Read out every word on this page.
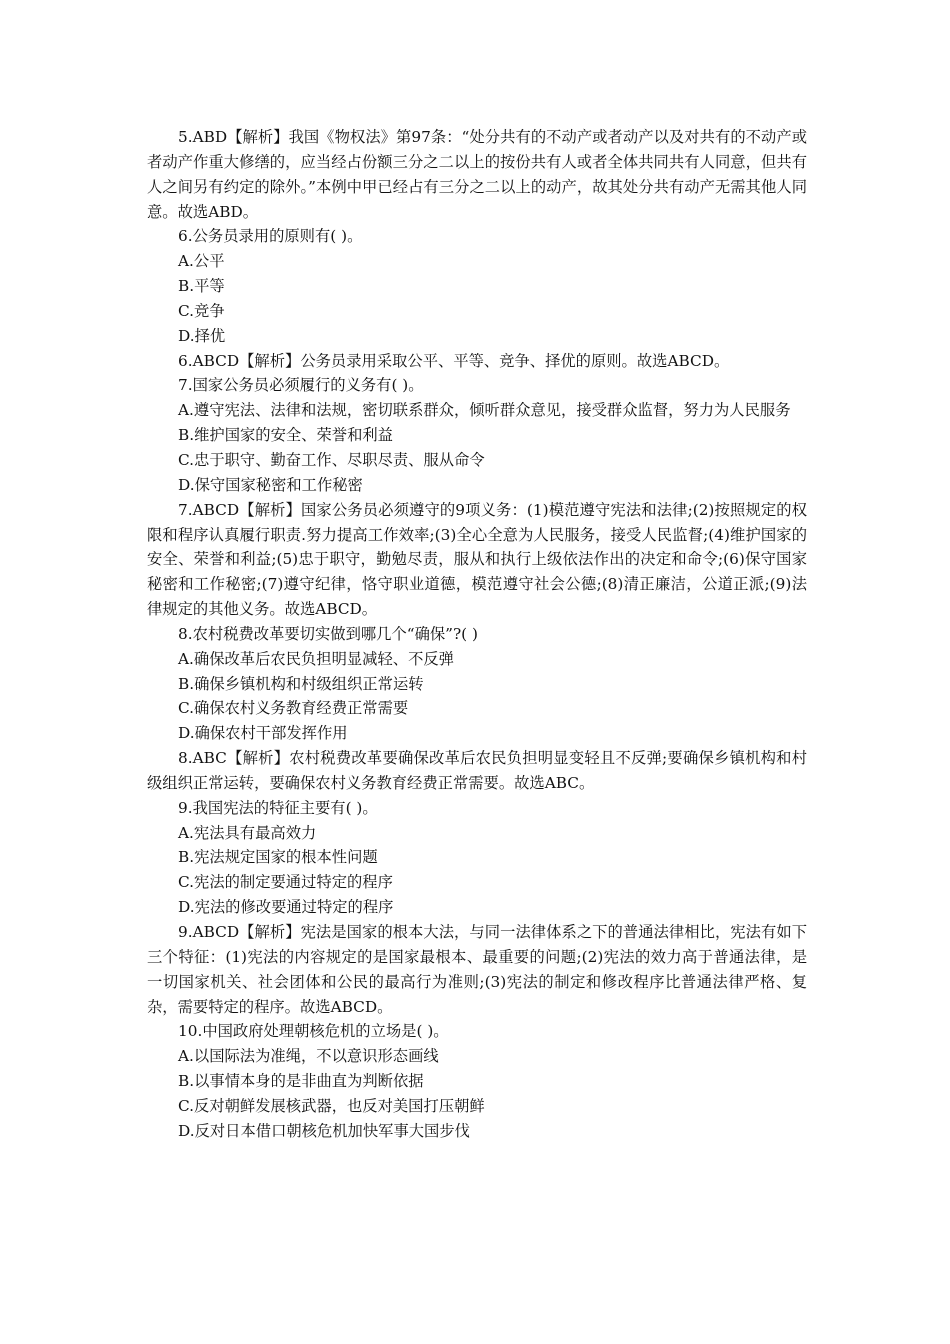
5.ABD【解析】我国《物权法》第97条：“处分共有的不动产或者动产以及对共有的不动产或者动产作重大修缮的，应当经占份额三分之二以上的按份共有人或者全体共同共有人同意，但共有人之间另有约定的除外。”本例中甲已经占有三分之二以上的动产，故其处分共有动产无需其他人同意。故选ABD。

6.公务员录用的原则有( )。

A.公平

B.平等

C.竞争

D.择优

6.ABCD【解析】公务员录用采取公平、平等、竞争、择优的原则。故选ABCD。

7.国家公务员必须履行的义务有( )。

A.遵守宪法、法律和法规，密切联系群众，倾听群众意见，接受群众监督，努力为人民服务

B.维护国家的安全、荣誉和利益

C.忠于职守、勤奋工作、尽职尽责、服从命令

D.保守国家秘密和工作秘密

7.ABCD【解析】国家公务员必须遵守的9项义务：(1)模范遵守宪法和法律;(2)按照规定的权限和程序认真履行职责.努力提高工作效率;(3)全心全意为人民服务，接受人民监督;(4)维护国家的安全、荣誉和利益;(5)忠于职守，勤勉尽责，服从和执行上级依法作出的决定和命令;(6)保守国家秘密和工作秘密;(7)遵守纪律，恪守职业道德，模范遵守社会公德;(8)清正廉洁，公道正派;(9)法律规定的其他义务。故选ABCD。

8.农村税费改革要切实做到哪几个“确保”?( )

A.确保改革后农民负担明显减轻、不反弹

B.确保乡镇机构和村级组织正常运转

C.确保农村义务教育经费正常需要

D.确保农村干部发挥作用

8.ABC【解析】农村税费改革要确保改革后农民负担明显变轻且不反弹;要确保乡镇机构和村级组织正常运转，要确保农村义务教育经费正常需要。故选ABC。

9.我国宪法的特征主要有( )。

A.宪法具有最高效力

B.宪法规定国家的根本性问题

C.宪法的制定要通过特定的程序

D.宪法的修改要通过特定的程序

9.ABCD【解析】宪法是国家的根本大法，与同一法律体系之下的普通法律相比，宪法有如下三个特征：(1)宪法的内容规定的是国家最根本、最重要的问题;(2)宪法的效力高于普通法律，是一切国家机关、社会团体和公民的最高行为准则;(3)宪法的制定和修改程序比普通法律严格、复杂，需要特定的程序。故选ABCD。

10.中国政府处理朝核危机的立场是( )。

A.以国际法为准绳，不以意识形态画线

B.以事情本身的是非曲直为判断依据

C.反对朝鲜发展核武器，也反对美国打压朝鲜

D.反对日本借口朝核危机加快军事大国步伐
